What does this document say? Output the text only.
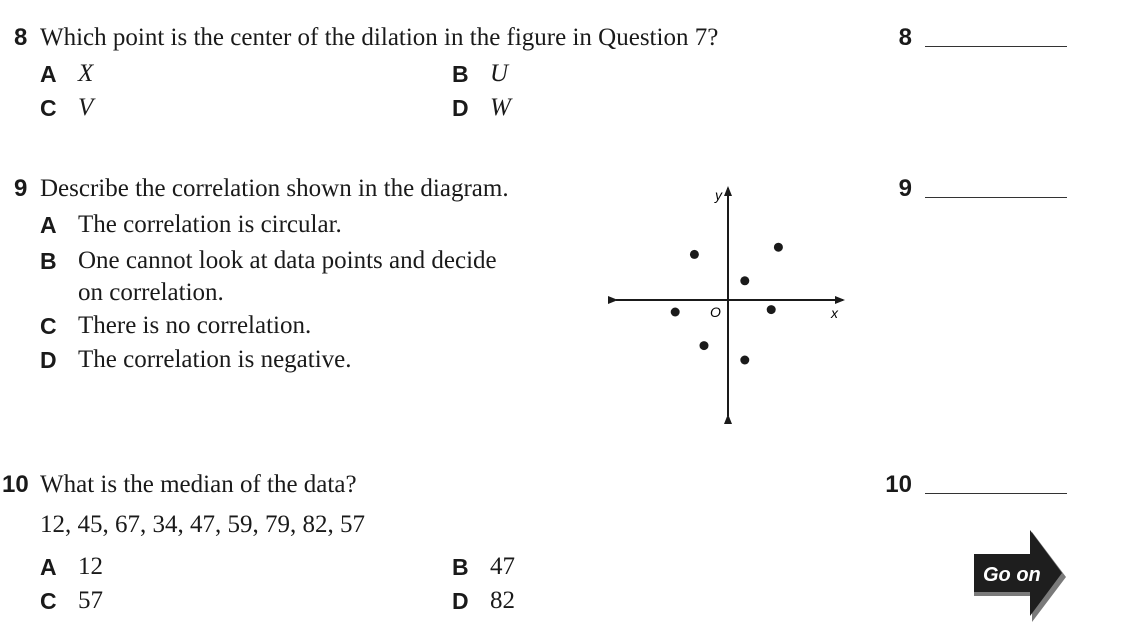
8 Which point is the center of the dilation in the figure in Question 7?
A X	B U
C V	D W
8
9 Describe the correlation shown in the diagram.
A The correlation is circular.
B One cannot look at data points and decide
on correlation.
C There is no correlation.
D The correlation is negative.
9
y
x
O
10 What is the median of the data?
12, 45, 67, 34, 47, 59, 79, 82, 57
A 12	B 47
C 57	D 82
10
Go on
